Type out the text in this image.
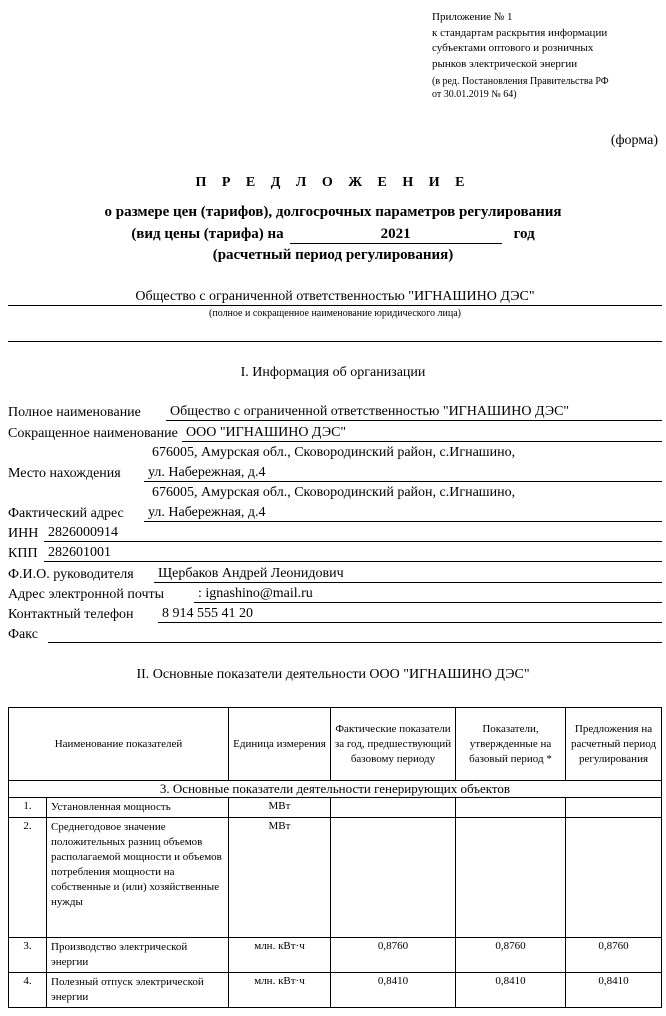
Приложение № 1
к стандартам раскрытия информации
субъектами оптового и розничных
рынков электрической энергии
(в ред. Постановления Правительства РФ
от 30.01.2019 № 64)
(форма)
П Р Е Д Л О Ж Е Н И Е
о размере цен (тарифов), долгосрочных параметров регулирования
(вид цены (тарифа) на	2021	год
(расчетный период регулирования)
Общество с ограниченной ответственностью "ИГНАШИНО ДЭС"
(полное и сокращенное наименование юридического лица)
I. Информация об организации
Полное наименование Общество с ограниченной ответственностью "ИГНАШИНО ДЭС"
Сокращенное наименование ООО "ИГНАШИНО ДЭС"
676005, Амурская обл., Сковородинский район, с.Игнашино,
Место нахождения ул. Набережная, д.4
676005, Амурская обл., Сковородинский район, с.Игнашино,
Фактический адрес ул. Набережная, д.4
ИНН 2826000914
КПП 282601001
Ф.И.О. руководителя Щербаков Андрей Леонидович
Адрес электронной почты : ignashino@mail.ru
Контактный телефон 8 914 555 41 20
Факс
II. Основные показатели деятельности ООО "ИГНАШИНО ДЭС"
Наименование показателей		Единица измерения	Фактические показатели за год, предшествующий базовому периоду	Показатели, утвержденные на базовый период *	Предложения на расчетный период регулирования
3. Основные показатели деятельности генерирующих объектов					
1.	Установленная мощность	МВт			
2.	Среднегодовое значение положительных разниц объемов располагаемой мощности и объемов потребления мощности на собственные и (или) хозяйственные нужды	МВт			
3.	Производство электрической энергии	млн. кВт·ч	0,8760	0,8760	0,8760
4.	Полезный отпуск электрической энергии	млн. кВт·ч	0,8410	0,8410	0,8410
